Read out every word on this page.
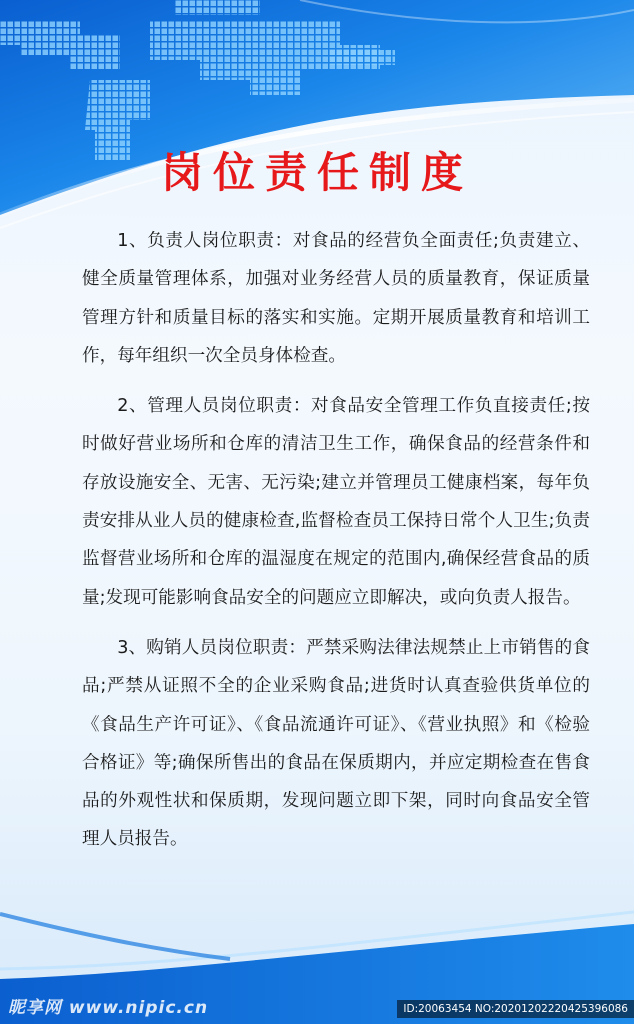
岗位责任制度

1、负责人岗位职责：对食品的经营负全面责任;负责建立、健全质量管理体系，加强对业务经营人员的质量教育，保证质量管理方针和质量目标的落实和实施。定期开展质量教育和培训工作，每年组织一次全员身体检查。

2、管理人员岗位职责：对食品安全管理工作负直接责任;按时做好营业场所和仓库的清洁卫生工作，确保食品的经营条件和存放设施安全、无害、无污染;建立并管理员工健康档案，每年负责安排从业人员的健康检查,监督检查员工保持日常个人卫生;负责监督营业场所和仓库的温湿度在规定的范围内,确保经营食品的质量;发现可能影响食品安全的问题应立即解决，或向负责人报告。

3、购销人员岗位职责：严禁采购法律法规禁止上市销售的食品;严禁从证照不全的企业采购食品;进货时认真查验供货单位的《食品生产许可证》、《食品流通许可证》、《营业执照》和《检验合格证》等;确保所售出的食品在保质期内，并应定期检查在售食品的外观性状和保质期，发现问题立即下架，同时向食品安全管理人员报告。

昵享网 www.nipic.cn	ID:20063454 NO:20201202220425396086
